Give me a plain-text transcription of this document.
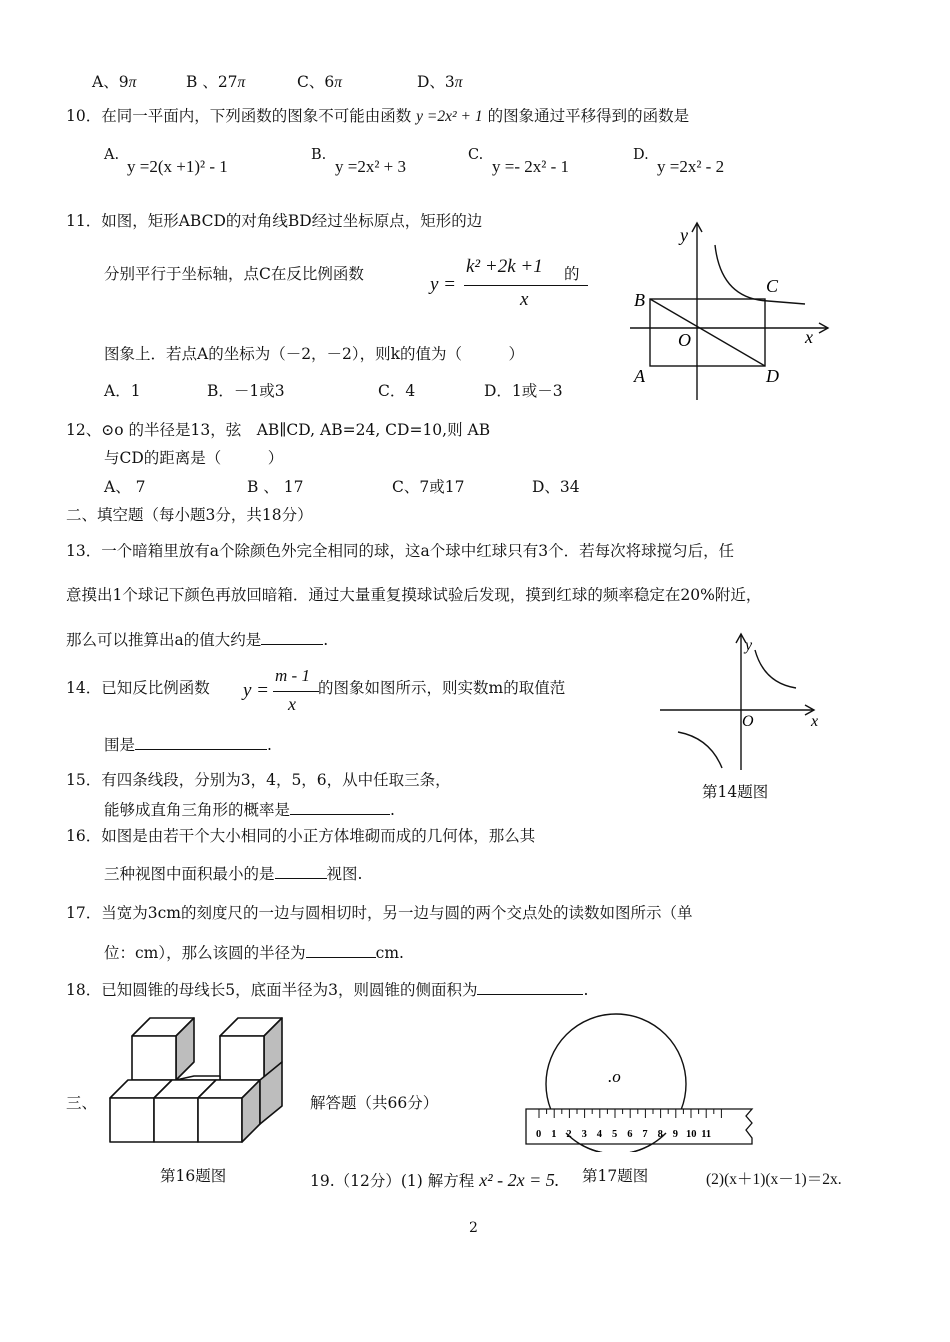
A、9π	B 、27π	C、6π	D、3π
10．在同一平面内，下列函数的图象不可能由函数 y =2x² + 1 的图象通过平移得到的函数是
A.
y =2(x +1)² - 1
B.
y =2x² + 3
C.
y =- 2x² - 1
D.
y =2x² - 2
11．如图，矩形ABCD的对角线BD经过坐标原点，矩形的边
分别平行于坐标轴，点C在反比例函数	y =
k² +2k +1
x
的
图象上．若点A的坐标为（－2，－2），则k的值为（　　　）
A．1	B．－1或3	C．4	D．1或－3
y
x
O
A
B
C
D
12、⊙o 的半径是13，弦　AB∥CD, AB=24, CD=10,则 AB
与CD的距离是（　　　）
A、 7	B 、 17	C、7或17	D、34
二、填空题（每小题3分，共18分）
13．一个暗箱里放有a个除颜色外完全相同的球，这a个球中红球只有3个．若每次将球搅匀后，任
意摸出1个球记下颜色再放回暗箱．通过大量重复摸球试验后发现，摸到红球的频率稳定在20%附近，
那么可以推算出a的值大约是	.
14．已知反比例函数 y =
m - 1
x
的图象如图所示，则实数m的取值范
围是	.
y
x
O
第14题图
15．有四条线段，分别为3，4，5，6，从中任取三条，
能够成直角三角形的概率是	.
16．如图是由若干个大小相同的小正方体堆砌而成的几何体，那么其
三种视图中面积最小的是	视图.
17．当宽为3cm的刻度尺的一边与圆相切时，另一边与圆的两个交点处的读数如图所示（单
位：cm），那么该圆的半径为	cm.
18．已知圆锥的母线长5，底面半径为3，则圆锥的侧面积为	.
第16题图
三、	解答题（共66分）
.o
0 1 2 3 4 5 6 7 8 9 10 11
第17题图
19.（12分）(1) 解方程 x² - 2x = 5.	(2)(x＋1)(x－1)＝2x.
2
